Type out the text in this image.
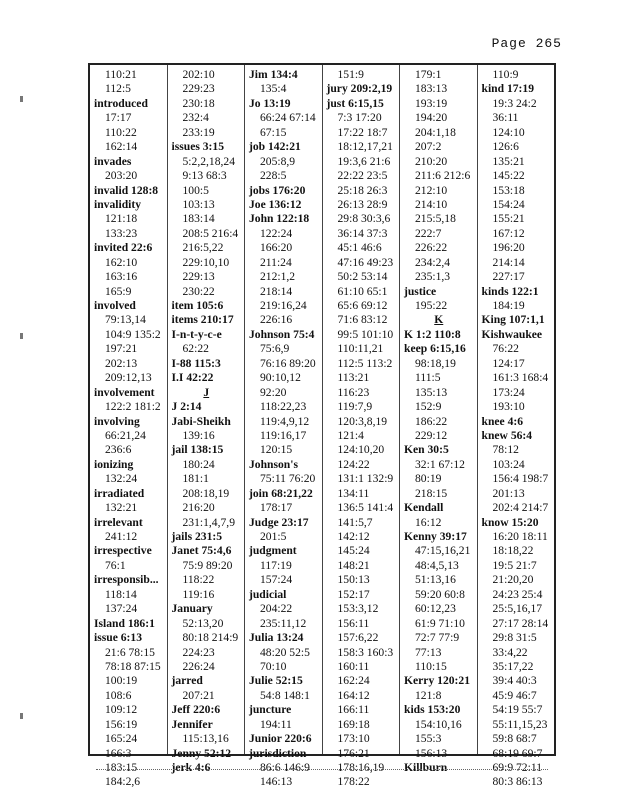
Page 265
110:21
112:5
introduced
17:17
110:22
162:14
invades
203:20
invalid 128:8
invalidity
121:18
133:23
invited 22:6
162:10
163:16
165:9
involved
79:13,14
104:9 135:2
197:21
202:13
209:12,13
involvement
122:2 181:2
involving
66:21,24
236:6
ionizing
132:24
irradiated
132:21
irrelevant
241:12
irrespective
76:1
irresponsib...
118:14
137:24
Island 186:1
issue 6:13
21:6 78:15
78:18 87:15
100:19
108:6
109:12
156:19
165:24
166:3
183:15
184:2,6
202:10
229:23
230:18
232:4
233:19
issues 3:15
5:2,2,18,24
9:13 68:3
100:5
103:13
183:14
208:5 216:4
216:5,22
229:10,10
229:13
230:22
item 105:6
items 210:17
I-n-t-y-c-e
62:22
I-88 115:3
I.I 42:22
J
J 2:14
Jabi-Sheikh
139:16
jail 138:15
180:24
181:1
208:18,19
216:20
231:1,4,7,9
jails 231:5
Janet 75:4,6
75:9 89:20
118:22
119:16
January
52:13,20
80:18 214:9
224:23
226:24
jarred
207:21
Jeff 220:6
Jennifer
115:13,16
Jenny 52:12
jerk 4:6
Jim 134:4
135:4
Jo 13:19
66:24 67:14
67:15
job 142:21
205:8,9
228:5
jobs 176:20
Joe 136:12
John 122:18
122:24
166:20
211:24
212:1,2
218:14
219:16,24
226:16
Johnson 75:4
75:6,9
76:16 89:20
90:10,12
92:20
118:22,23
119:4,9,12
119:16,17
120:15
Johnson's
75:11 76:20
join 68:21,22
178:17
Judge 23:17
201:5
judgment
117:19
157:24
judicial
204:22
235:11,12
Julia 13:24
48:20 52:5
70:10
Julie 52:15
54:8 148:1
juncture
194:11
Junior 220:6
jurisdiction
86:6 146:9
146:13
151:9
jury 209:2,19
just 6:15,15
7:3 17:20
17:22 18:7
18:12,17,21
19:3,6 21:6
22:22 23:5
25:18 26:3
26:13 28:9
29:8 30:3,6
36:14 37:3
45:1 46:6
47:16 49:23
50:2 53:14
61:10 65:1
65:6 69:12
71:6 83:12
99:5 101:10
110:11,21
112:5 113:2
113:21
116:23
119:7,9
120:3,8,19
121:4
124:10,20
124:22
131:1 132:9
134:11
136:5 141:4
141:5,7
142:12
145:24
148:21
150:13
152:17
153:3,12
156:11
157:6,22
158:3 160:3
160:11
162:24
164:12
166:11
169:18
173:10
176:21
178:16,19
178:22
179:1
183:13
193:19
194:20
204:1,18
207:2
210:20
211:6 212:6
212:10
214:10
215:5,18
222:7
226:22
234:2,4
235:1,3
justice
195:22
K
K 1:2 110:8
keep 6:15,16
98:18,19
111:5
135:13
152:9
186:22
229:12
Ken 30:5
32:1 67:12
80:19
218:15
Kendall
16:12
Kenny 39:17
47:15,16,21
48:4,5,13
51:13,16
59:20 60:8
60:12,23
61:9 71:10
72:7 77:9
77:13
110:15
Kerry 120:21
121:8
kids 153:20
154:10,16
155:3
156:13
Killburn
110:9
kind 17:19
19:3 24:2
36:11
124:10
126:6
135:21
145:22
153:18
154:24
155:21
167:12
196:20
214:14
227:17
kinds 122:1
184:19
King 107:1,1
Kishwaukee
76:22
124:17
161:3 168:4
173:24
193:10
knee 4:6
knew 56:4
78:12
103:24
156:4 198:7
201:13
202:4 214:7
know 15:20
16:20 18:11
18:18,22
19:5 21:7
21:20,20
24:23 25:4
25:5,16,17
27:17 28:14
29:8 31:5
33:4,22
35:17,22
39:4 40:3
45:9 46:7
54:19 55:7
55:11,15,23
59:8 68:7
68:19 69:7
69:9 72:11
80:3 86:13
